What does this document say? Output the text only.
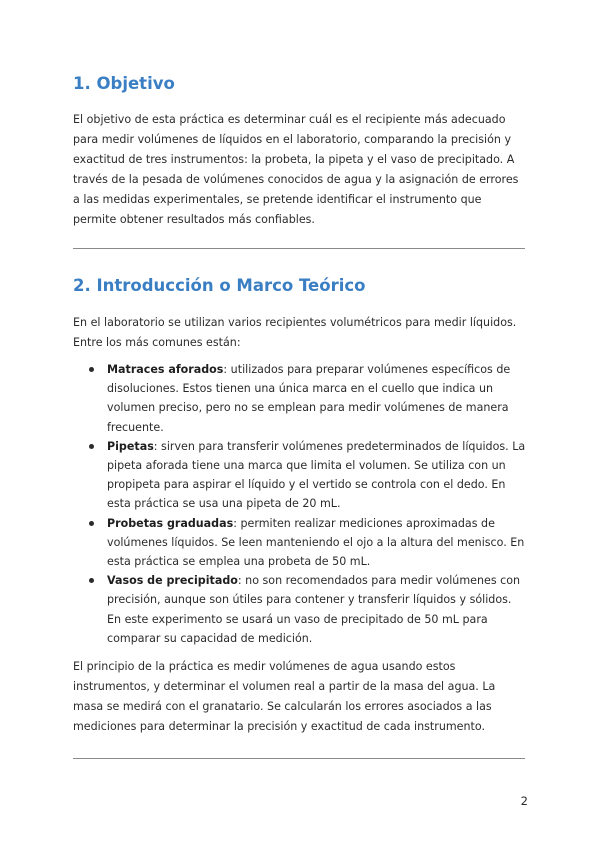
1. Objetivo

El objetivo de esta práctica es determinar cuál es el recipiente más adecuado para medir volúmenes de líquidos en el laboratorio, comparando la precisión y exactitud de tres instrumentos: la probeta, la pipeta y el vaso de precipitado. A través de la pesada de volúmenes conocidos de agua y la asignación de errores a las medidas experimentales, se pretende identificar el instrumento que permite obtener resultados más confiables.

2. Introducción o Marco Teórico

En el laboratorio se utilizan varios recipientes volumétricos para medir líquidos. Entre los más comunes están:

Matraces aforados: utilizados para preparar volúmenes específicos de disoluciones. Estos tienen una única marca en el cuello que indica un volumen preciso, pero no se emplean para medir volúmenes de manera frecuente.
Pipetas: sirven para transferir volúmenes predeterminados de líquidos. La pipeta aforada tiene una marca que limita el volumen. Se utiliza con un propipeta para aspirar el líquido y el vertido se controla con el dedo. En esta práctica se usa una pipeta de 20 mL.
Probetas graduadas: permiten realizar mediciones aproximadas de volúmenes líquidos. Se leen manteniendo el ojo a la altura del menisco. En esta práctica se emplea una probeta de 50 mL.
Vasos de precipitado: no son recomendados para medir volúmenes con precisión, aunque son útiles para contener y transferir líquidos y sólidos. En este experimento se usará un vaso de precipitado de 50 mL para comparar su capacidad de medición.

El principio de la práctica es medir volúmenes de agua usando estos instrumentos, y determinar el volumen real a partir de la masa del agua. La masa se medirá con el granatario. Se calcularán los errores asociados a las mediciones para determinar la precisión y exactitud de cada instrumento.

2
